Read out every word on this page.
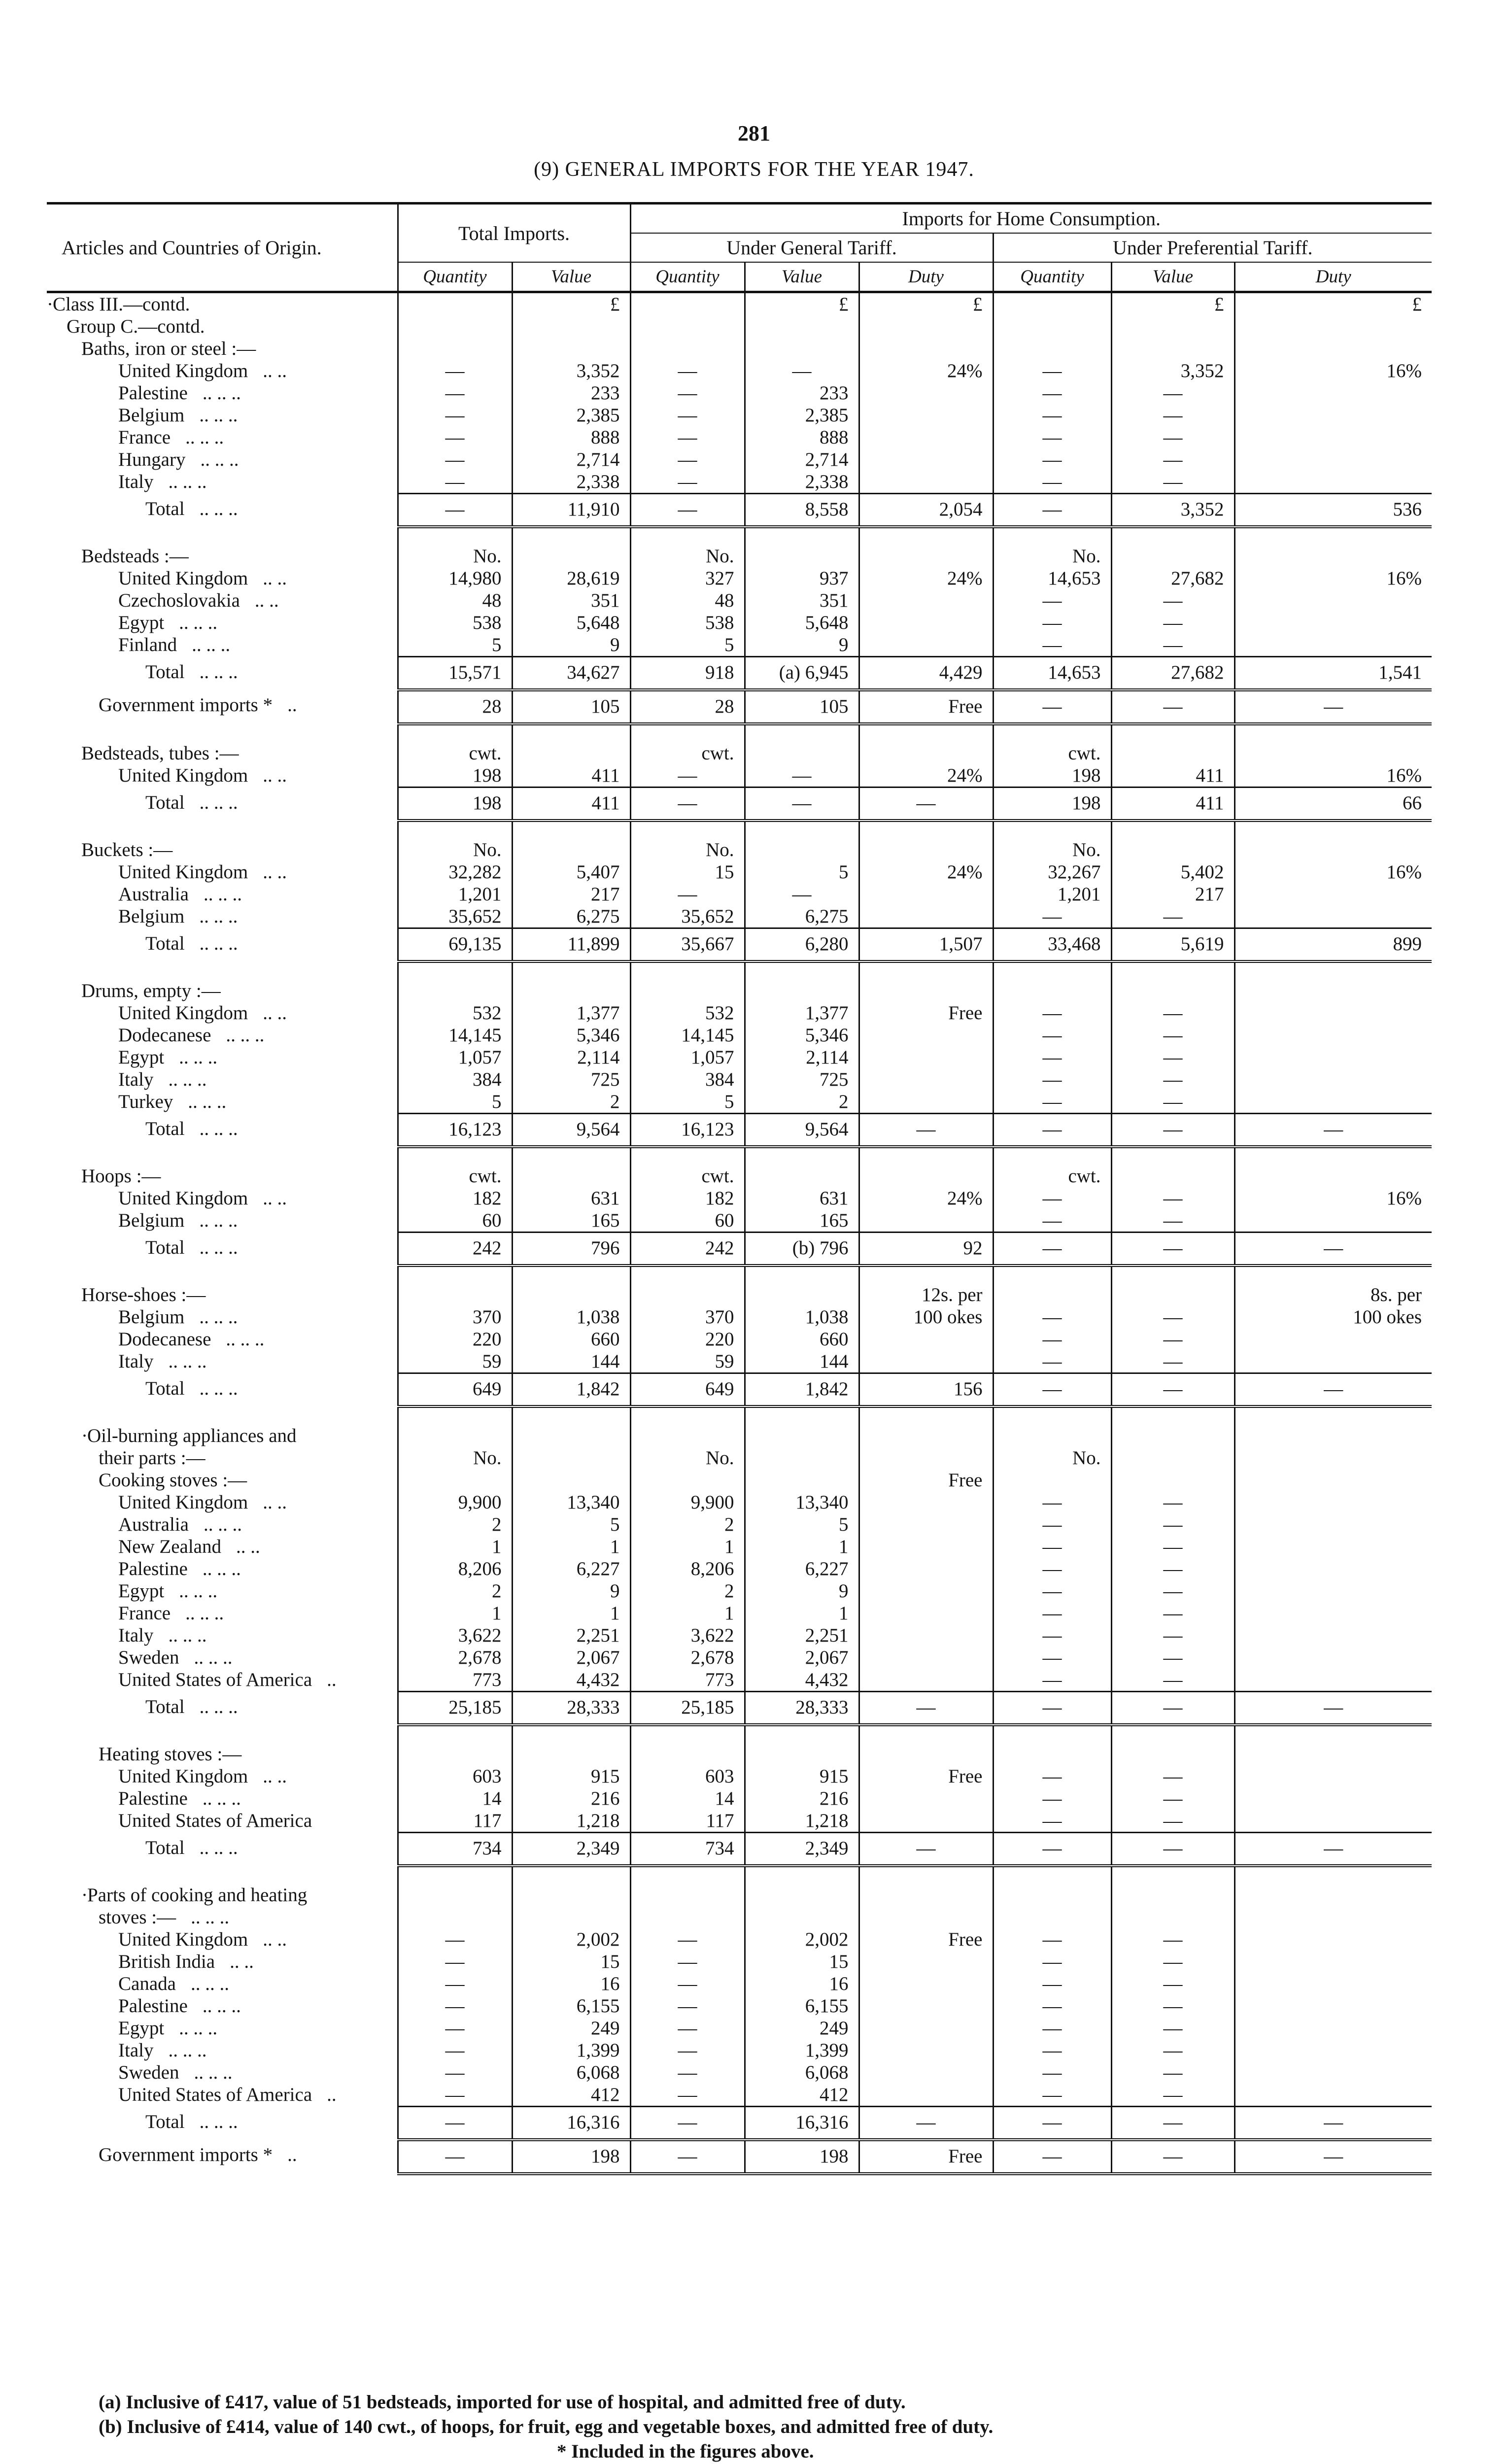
281
(9) GENERAL IMPORTS FOR THE YEAR 1947.
Articles and Countries of Origin.	Total Imports.		Imports for Home Consumption.					
			Under General Tariff.			Under Preferential Tariff.		
	Quantity	Value	Quantity	Value	Duty	Quantity	Value	Duty
·Class III.—contd.		£		£	£		£	£
Group C.—contd.								
Baths, iron or steel :—								
United Kingdom .. ..	—	3,352	—	—	24%	—	3,352	16%
Palestine .. .. ..	—	233	—	233		—	—	
Belgium .. .. ..	—	2,385	—	2,385		—	—	
France .. .. ..	—	888	—	888		—	—	
Hungary .. .. ..	—	2,714	—	2,714		—	—	
Italy .. .. ..	—	2,338	—	2,338		—	—	
Total .. .. ..	—	11,910	—	8,558	2,054	—	3,352	536

Bedsteads :—	No.		No.			No.		
United Kingdom .. ..	14,980	28,619	327	937	24%	14,653	27,682	16%
Czechoslovakia .. ..	48	351	48	351		—	—	
Egypt .. .. ..	538	5,648	538	5,648		—	—	
Finland .. .. ..	5	9	5	9		—	—	
Total .. .. ..	15,571	34,627	918	(a) 6,945	4,429	14,653	27,682	1,541
Government imports * ..	28	105	28	105	Free	—	—	—

Bedsteads, tubes :—	cwt.		cwt.			cwt.		
United Kingdom .. ..	198	411	—	—	24%	198	411	16%
Total .. .. ..	198	411	—	—	—	198	411	66

Buckets :—	No.		No.			No.		
United Kingdom .. ..	32,282	5,407	15	5	24%	32,267	5,402	16%
Australia .. .. ..	1,201	217	—	—		1,201	217	
Belgium .. .. ..	35,652	6,275	35,652	6,275		—	—	
Total .. .. ..	69,135	11,899	35,667	6,280	1,507	33,468	5,619	899

Drums, empty :—								
United Kingdom .. ..	532	1,377	532	1,377	Free	—	—	
Dodecanese .. .. ..	14,145	5,346	14,145	5,346		—	—	
Egypt .. .. ..	1,057	2,114	1,057	2,114		—	—	
Italy .. .. ..	384	725	384	725		—	—	
Turkey .. .. ..	5	2	5	2		—	—	
Total .. .. ..	16,123	9,564	16,123	9,564	—	—	—	—

Hoops :—	cwt.		cwt.			cwt.		
United Kingdom .. ..	182	631	182	631	24%	—	—	16%
Belgium .. .. ..	60	165	60	165		—	—	
Total .. .. ..	242	796	242	(b) 796	92	—	—	—

Horse-shoes :—					12s. per			8s. per
Belgium .. .. ..	370	1,038	370	1,038	100 okes	—	—	100 okes
Dodecanese .. .. ..	220	660	220	660		—	—	
Italy .. .. ..	59	144	59	144		—	—	
Total .. .. ..	649	1,842	649	1,842	156	—	—	—

·Oil-burning appliances and								
their parts :—	No.		No.			No.		
Cooking stoves :—					Free			
United Kingdom .. ..	9,900	13,340	9,900	13,340		—	—	
Australia .. .. ..	2	5	2	5		—	—	
New Zealand .. ..	1	1	1	1		—	—	
Palestine .. .. ..	8,206	6,227	8,206	6,227		—	—	
Egypt .. .. ..	2	9	2	9		—	—	
France .. .. ..	1	1	1	1		—	—	
Italy .. .. ..	3,622	2,251	3,622	2,251		—	—	
Sweden .. .. ..	2,678	2,067	2,678	2,067		—	—	
United States of America ..	773	4,432	773	4,432		—	—	
Total .. .. ..	25,185	28,333	25,185	28,333	—	—	—	—

Heating stoves :—								
United Kingdom .. ..	603	915	603	915	Free	—	—	
Palestine .. .. ..	14	216	14	216		—	—	
United States of America	117	1,218	117	1,218		—	—	
Total .. .. ..	734	2,349	734	2,349	—	—	—	—

·Parts of cooking and heating								
stoves :— .. .. ..								
United Kingdom .. ..	—	2,002	—	2,002	Free	—	—	
British India .. ..	—	15	—	15		—	—	
Canada .. .. ..	—	16	—	16		—	—	
Palestine .. .. ..	—	6,155	—	6,155		—	—	
Egypt .. .. ..	—	249	—	249		—	—	
Italy .. .. ..	—	1,399	—	1,399		—	—	
Sweden .. .. ..	—	6,068	—	6,068		—	—	
United States of America ..	—	412	—	412		—	—	
Total .. .. ..	—	16,316	—	16,316	—	—	—	—
Government imports * ..	—	198	—	198	Free	—	—	—
(a) Inclusive of £417, value of 51 bedsteads, imported for use of hospital, and admitted free of duty.
(b) Inclusive of £414, value of 140 cwt., of hoops, for fruit, egg and vegetable boxes, and admitted free of duty.
* Included in the figures above.
